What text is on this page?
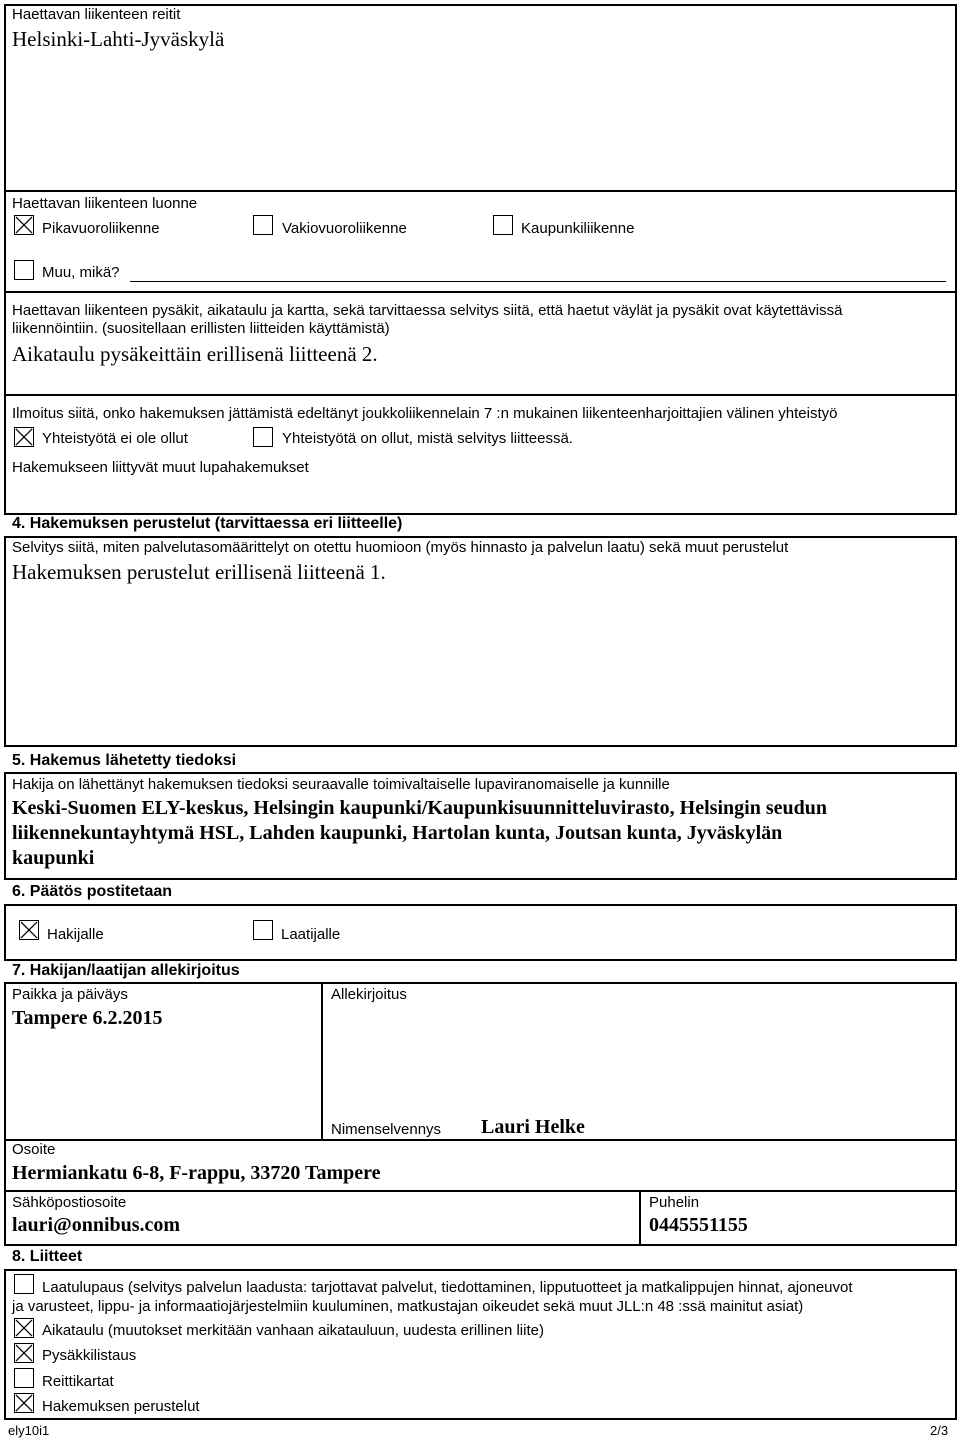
Haettavan liikenteen reitit
Helsinki-Lahti-Jyväskylä
Haettavan liikenteen luonne
Pikavuoroliikenne	Vakiovuoroliikenne	Kaupunkiliikenne
Muu, mikä?
Haettavan liikenteen pysäkit, aikataulu ja kartta, sekä tarvittaessa selvitys siitä, että haetut väylät ja pysäkit ovat käytettävissä
liikennöintiin. (suositellaan erillisten liitteiden käyttämistä)
Aikataulu pysäkeittäin erillisenä liitteenä 2.
Ilmoitus siitä, onko hakemuksen jättämistä edeltänyt joukkoliikennelain 7 :n mukainen liikenteenharjoittajien välinen yhteistyö
Yhteistyötä ei ole ollut	Yhteistyötä on ollut, mistä selvitys liitteessä.
Hakemukseen liittyvät muut lupahakemukset
4. Hakemuksen perustelut (tarvittaessa eri liitteelle)
Selvitys siitä, miten palvelutasomäärittelyt on otettu huomioon (myös hinnasto ja palvelun laatu) sekä muut perustelut
Hakemuksen perustelut erillisenä liitteenä 1.
5. Hakemus lähetetty tiedoksi
Hakija on lähettänyt hakemuksen tiedoksi seuraavalle toimivaltaiselle lupaviranomaiselle ja kunnille
Keski-Suomen ELY-keskus, Helsingin kaupunki/Kaupunkisuunnitteluvirasto, Helsingin seudun
liikennekuntayhtymä HSL, Lahden kaupunki, Hartolan kunta, Joutsan kunta, Jyväskylän
kaupunki
6. Päätös postitetaan
Hakijalle	Laatijalle
7. Hakijan/laatijan allekirjoitus
Paikka ja päiväys
Tampere 6.2.2015
Allekirjoitus
Nimenselvennys Lauri Helke
Osoite
Hermiankatu 6-8, F-rappu, 33720 Tampere
Sähköpostiosoite
lauri@onnibus.com
Puhelin
0445551155
8. Liitteet
Laatulupaus (selvitys palvelun laadusta: tarjottavat palvelut, tiedottaminen, lipputuotteet ja matkalippujen hinnat, ajoneuvot
ja varusteet, lippu- ja informaatiojärjestelmiin kuuluminen, matkustajan oikeudet sekä muut JLL:n 48 :ssä mainitut asiat)
Aikataulu (muutokset merkitään vanhaan aikatauluun, uudesta erillinen liite)
Pysäkkilistaus
Reittikartat
Hakemuksen perustelut
ely10i1	2/3
